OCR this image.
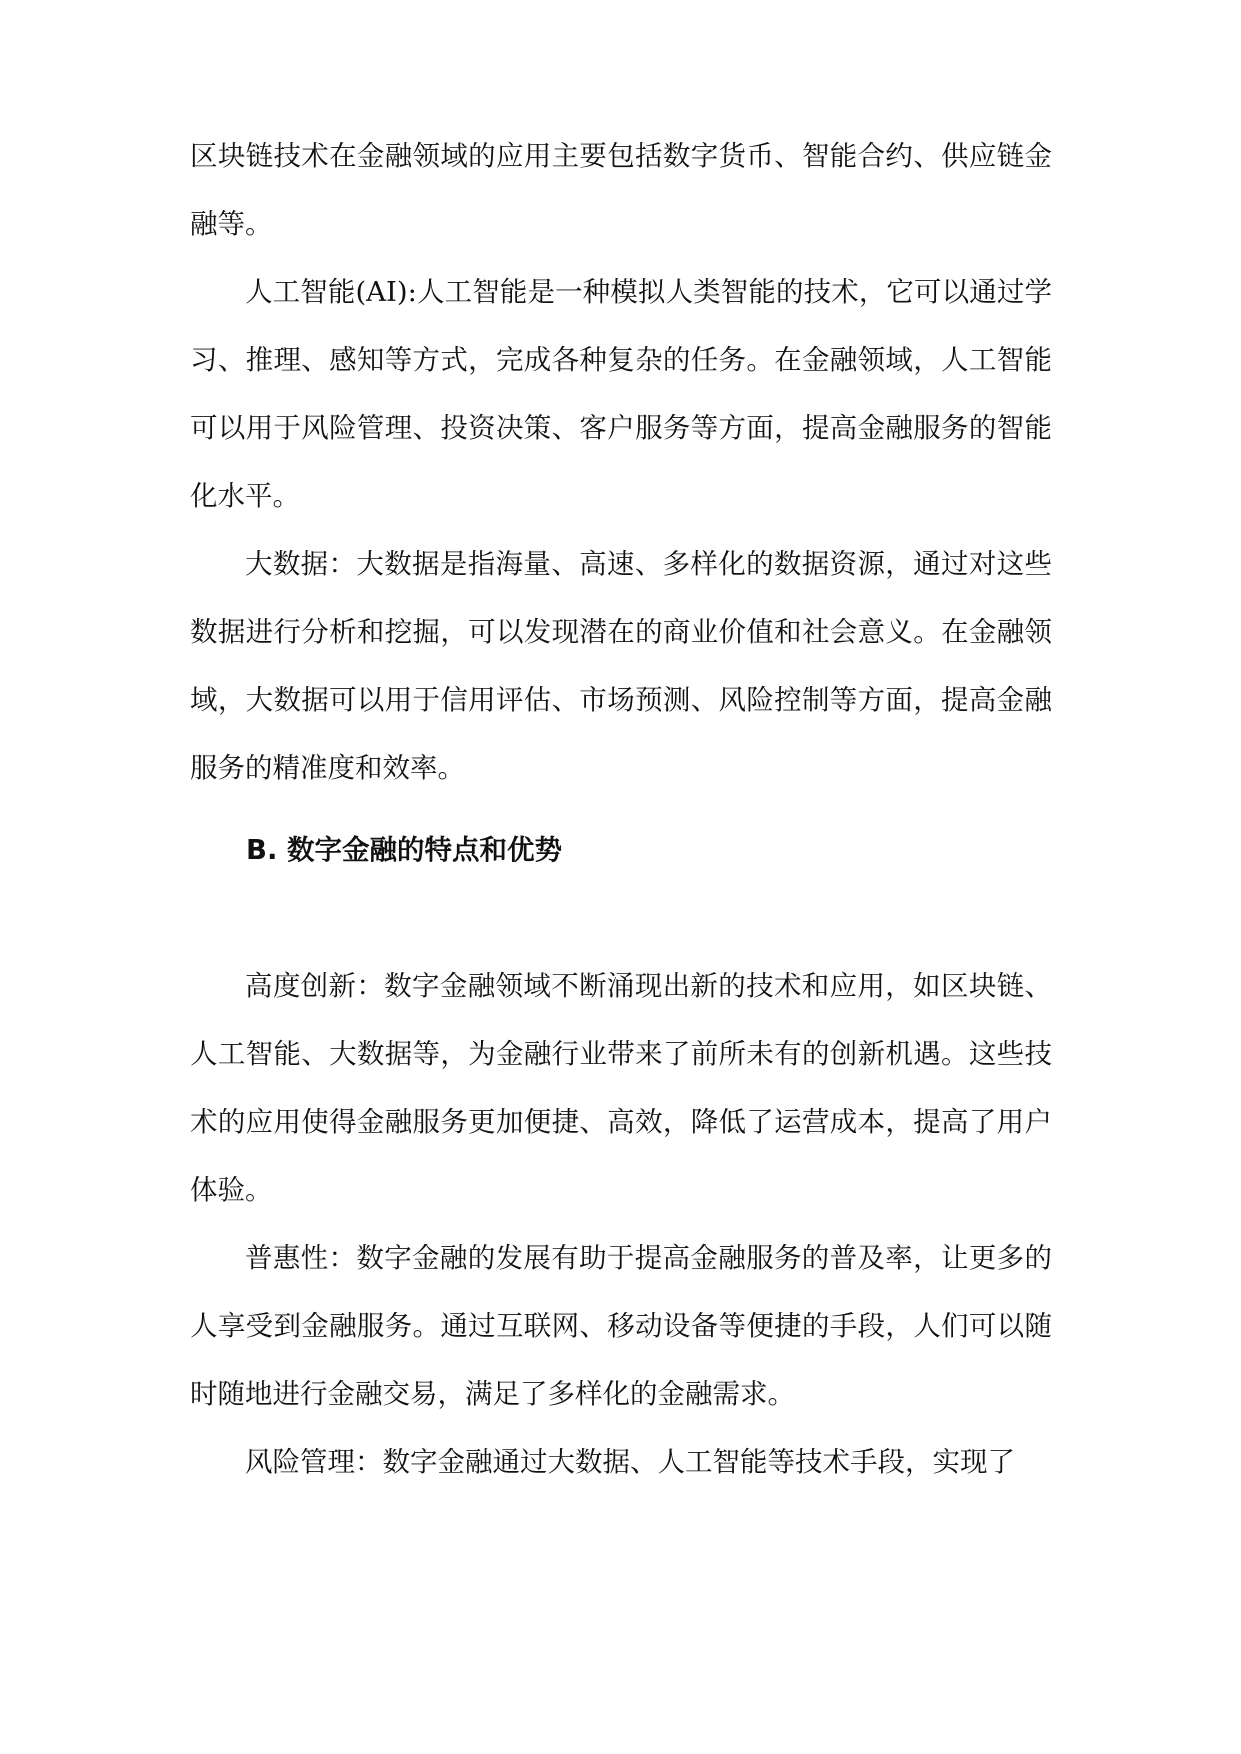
区块链技术在金融领域的应用主要包括数字货币、智能合约、供应链金融等。

人工智能(AI):人工智能是一种模拟人类智能的技术，它可以通过学习、推理、感知等方式，完成各种复杂的任务。在金融领域，人工智能可以用于风险管理、投资决策、客户服务等方面，提高金融服务的智能化水平。

大数据：大数据是指海量、高速、多样化的数据资源，通过对这些数据进行分析和挖掘，可以发现潜在的商业价值和社会意义。在金融领域，大数据可以用于信用评估、市场预测、风险控制等方面，提高金融服务的精准度和效率。

B. 数字金融的特点和优势

高度创新：数字金融领域不断涌现出新的技术和应用，如区块链、人工智能、大数据等，为金融行业带来了前所未有的创新机遇。这些技术的应用使得金融服务更加便捷、高效，降低了运营成本，提高了用户体验。

普惠性：数字金融的发展有助于提高金融服务的普及率，让更多的人享受到金融服务。通过互联网、移动设备等便捷的手段，人们可以随时随地进行金融交易，满足了多样化的金融需求。

风险管理：数字金融通过大数据、人工智能等技术手段，实现了
